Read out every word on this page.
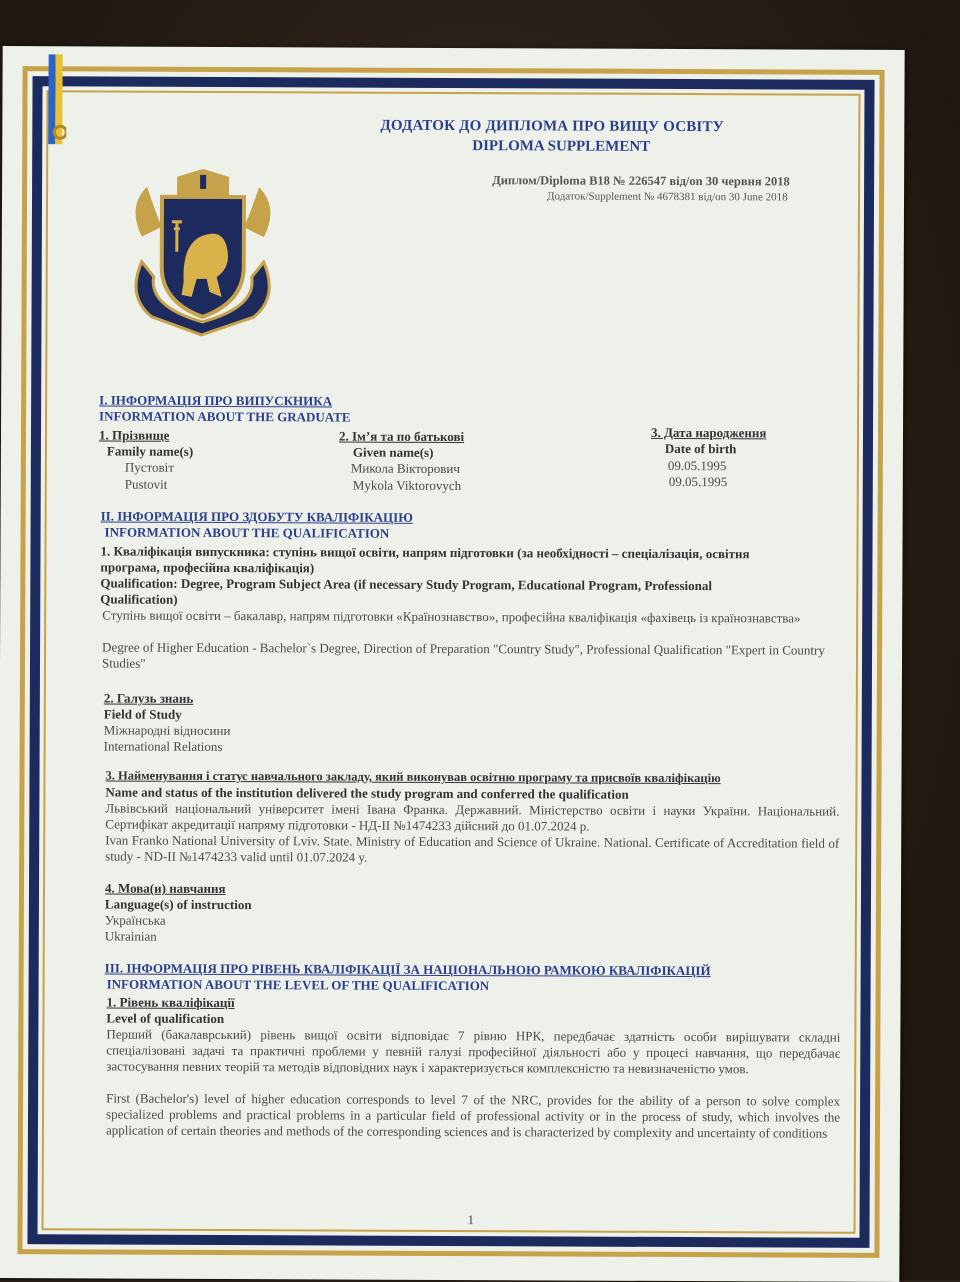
ДОДАТОК ДО ДИПЛОМА ПРО ВИЩУ ОСВІТУ
DIPLOMA SUPPLEMENT
Диплом/Diploma В18 № 226547 від/on 30 червня 2018
Додаток/Supplement № 4678381 від/on 30 June 2018
I. ІНФОРМАЦІЯ ПРО ВИПУСКНИКА
INFORMATION ABOUT THE GRADUATE
1. Прізвище
Family name(s)
Пустовіт
Pustovit
2. Ім’я та по батькові
Given name(s)
Микола Вікторович
Mykola Viktorovych
3. Дата народження
Date of birth
09.05.1995
09.05.1995
II. ІНФОРМАЦІЯ ПРО ЗДОБУТУ КВАЛІФІКАЦІЮ
INFORMATION ABOUT THE QUALIFICATION
1. Кваліфікація випускника: ступінь вищої освіти, напрям підготовки (за необхідності – спеціалізація, освітня програма, професійна кваліфікація)
Qualification: Degree, Program Subject Area (if necessary Study Program, Educational Program, Professional Qualification)
Ступінь вищої освіти – бакалавр, напрям підготовки «Країнознавство», професійна кваліфікація «фахівець із країнознавства»
Degree of Higher Education - Bachelor`s Degree, Direction of Preparation "Country Study", Professional Qualification "Expert in Country Studies"
2. Галузь знань
Field of Study
Міжнародні відносини
International Relations
3. Найменування і статус навчального закладу, який виконував освітню програму та присвоїв кваліфікацію
Name and status of the institution delivered the study program and conferred the qualification
Львівський національний університет імені Івана Франка. Державний. Міністерство освіти і науки України. Національний. Сертифікат акредитації напряму підготовки - НД-ІІ №1474233 дійсний до 01.07.2024 р.
Ivan Franko National University of Lviv. State. Ministry of Education and Science of Ukraine. National. Certificate of Accreditation field of study - ND-II №1474233 valid until 01.07.2024 y.
4. Мова(и) навчання
Language(s) of instruction
Українська
Ukrainian
III. ІНФОРМАЦІЯ ПРО РІВЕНЬ КВАЛІФІКАЦІЇ ЗА НАЦІОНАЛЬНОЮ РАМКОЮ КВАЛІФІКАЦІЙ
INFORMATION ABOUT THE LEVEL OF THE QUALIFICATION
1. Рівень кваліфікації
Level of qualification
Перший (бакалаврський) рівень вищої освіти відповідає 7 рівню НРК, передбачає здатність особи вирішувати складні спеціалізовані задачі та практичні проблеми у певній галузі професійної діяльності або у процесі навчання, що передбачає застосування певних теорій та методів відповідних наук і характеризується комплексністю та невизначеністю умов.
First (Bachelor's) level of higher education corresponds to level 7 of the NRC, provides for the ability of a person to solve complex specialized problems and practical problems in a particular field of professional activity or in the process of study, which involves the application of certain theories and methods of the corresponding sciences and is characterized by complexity and uncertainty of conditions
1
